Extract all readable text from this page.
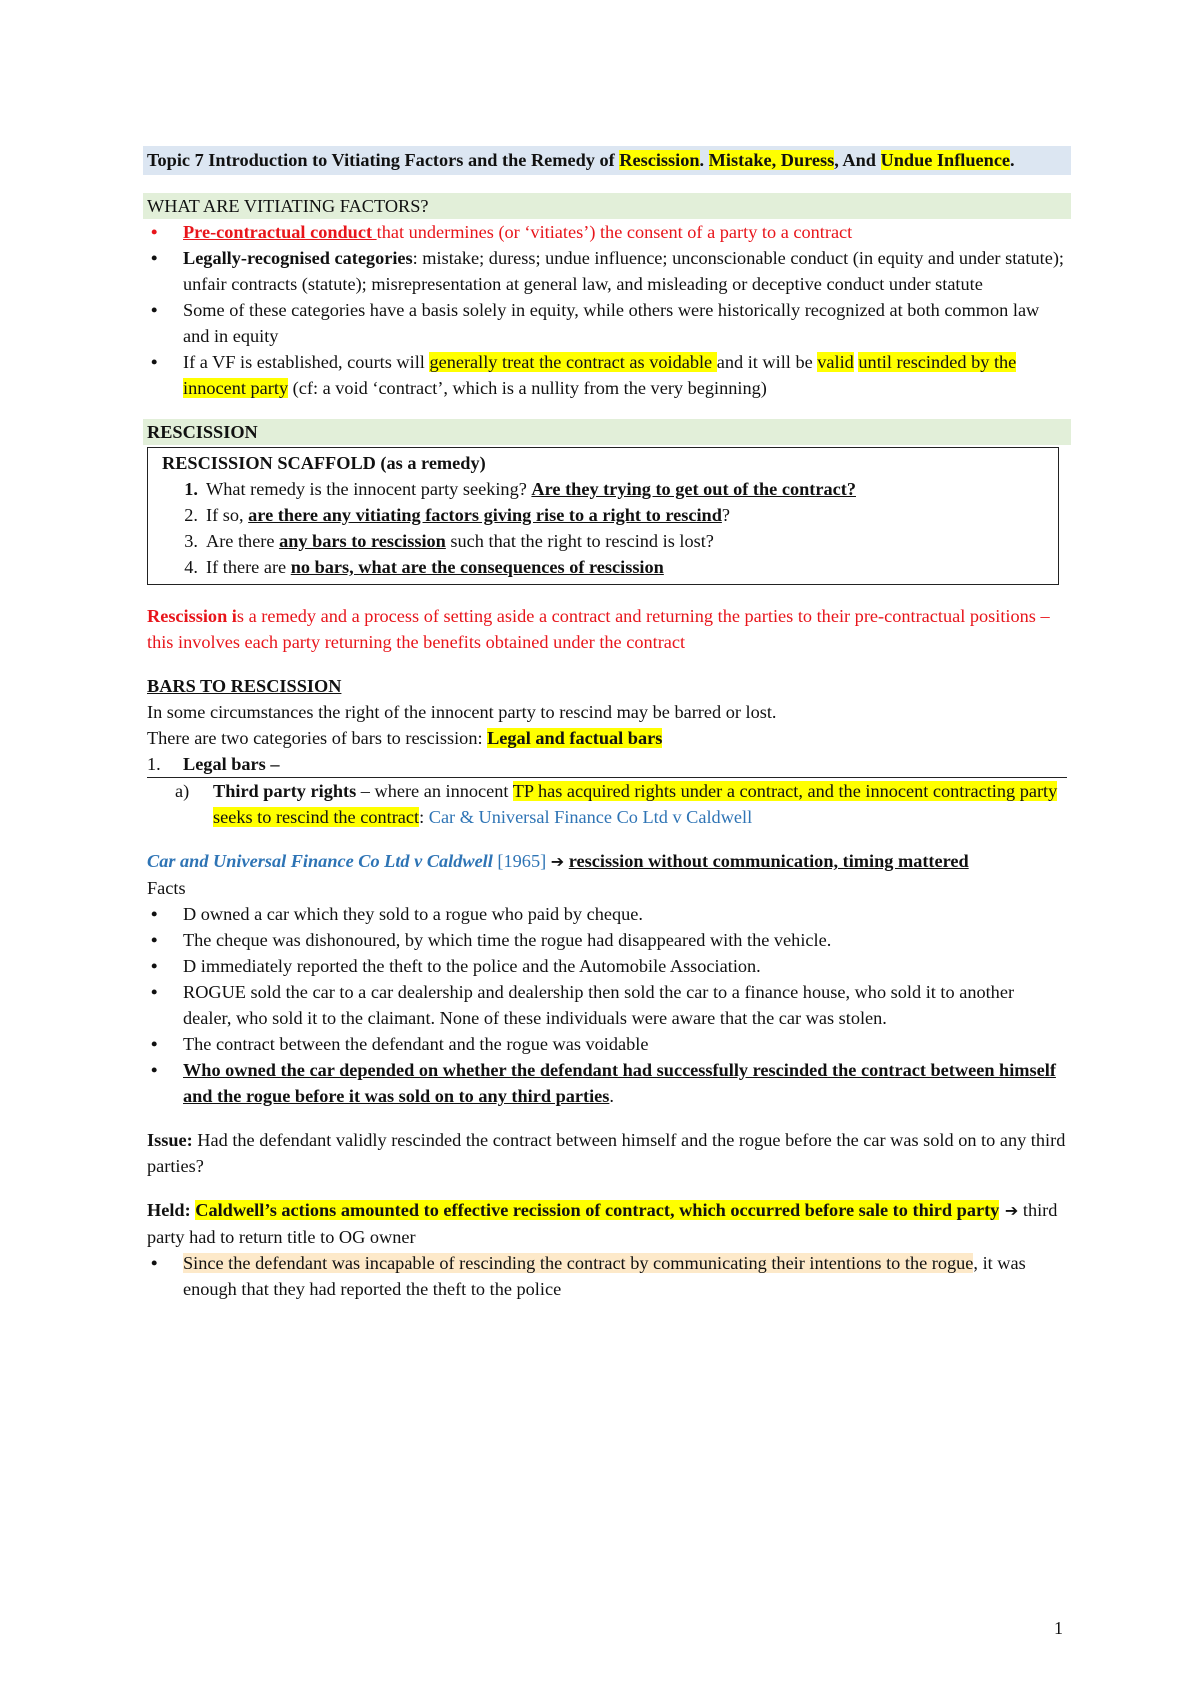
Topic 7 Introduction to Vitiating Factors and the Remedy of Rescission. Mistake, Duress, And Undue Influence.
WHAT ARE VITIATING FACTORS?
• Pre-contractual conduct that undermines (or ‘vitiates’) the consent of a party to a contract
• Legally-recognised categories: mistake; duress; undue influence; unconscionable conduct (in equity and under statute); unfair contracts (statute); misrepresentation at general law, and misleading or deceptive conduct under statute
• Some of these categories have a basis solely in equity, while others were historically recognized at both common law and in equity
• If a VF is established, courts will generally treat the contract as voidable and it will be valid until rescinded by the innocent party (cf: a void ‘contract’, which is a nullity from the very beginning)
RESCISSION
RESCISSION SCAFFOLD (as a remedy)
1. What remedy is the innocent party seeking? Are they trying to get out of the contract?
2. If so, are there any vitiating factors giving rise to a right to rescind?
3. Are there any bars to rescission such that the right to rescind is lost?
4. If there are no bars, what are the consequences of rescission
Rescission is a remedy and a process of setting aside a contract and returning the parties to their pre-contractual positions – this involves each party returning the benefits obtained under the contract
BARS TO RESCISSION
In some circumstances the right of the innocent party to rescind may be barred or lost.
There are two categories of bars to rescission: Legal and factual bars
1. Legal bars –
a) Third party rights – where an innocent TP has acquired rights under a contract, and the innocent contracting party seeks to rescind the contract: Car & Universal Finance Co Ltd v Caldwell
Car and Universal Finance Co Ltd v Caldwell [1965] ➔ rescission without communication, timing mattered
Facts
• D owned a car which they sold to a rogue who paid by cheque.
• The cheque was dishonoured, by which time the rogue had disappeared with the vehicle.
• D immediately reported the theft to the police and the Automobile Association.
• ROGUE sold the car to a car dealership and dealership then sold the car to a finance house, who sold it to another dealer, who sold it to the claimant. None of these individuals were aware that the car was stolen.
• The contract between the defendant and the rogue was voidable
• Who owned the car depended on whether the defendant had successfully rescinded the contract between himself and the rogue before it was sold on to any third parties.
Issue: Had the defendant validly rescinded the contract between himself and the rogue before the car was sold on to any third parties?
Held: Caldwell’s actions amounted to effective recission of contract, which occurred before sale to third party ➔ third party had to return title to OG owner
• Since the defendant was incapable of rescinding the contract by communicating their intentions to the rogue, it was enough that they had reported the theft to the police
1
